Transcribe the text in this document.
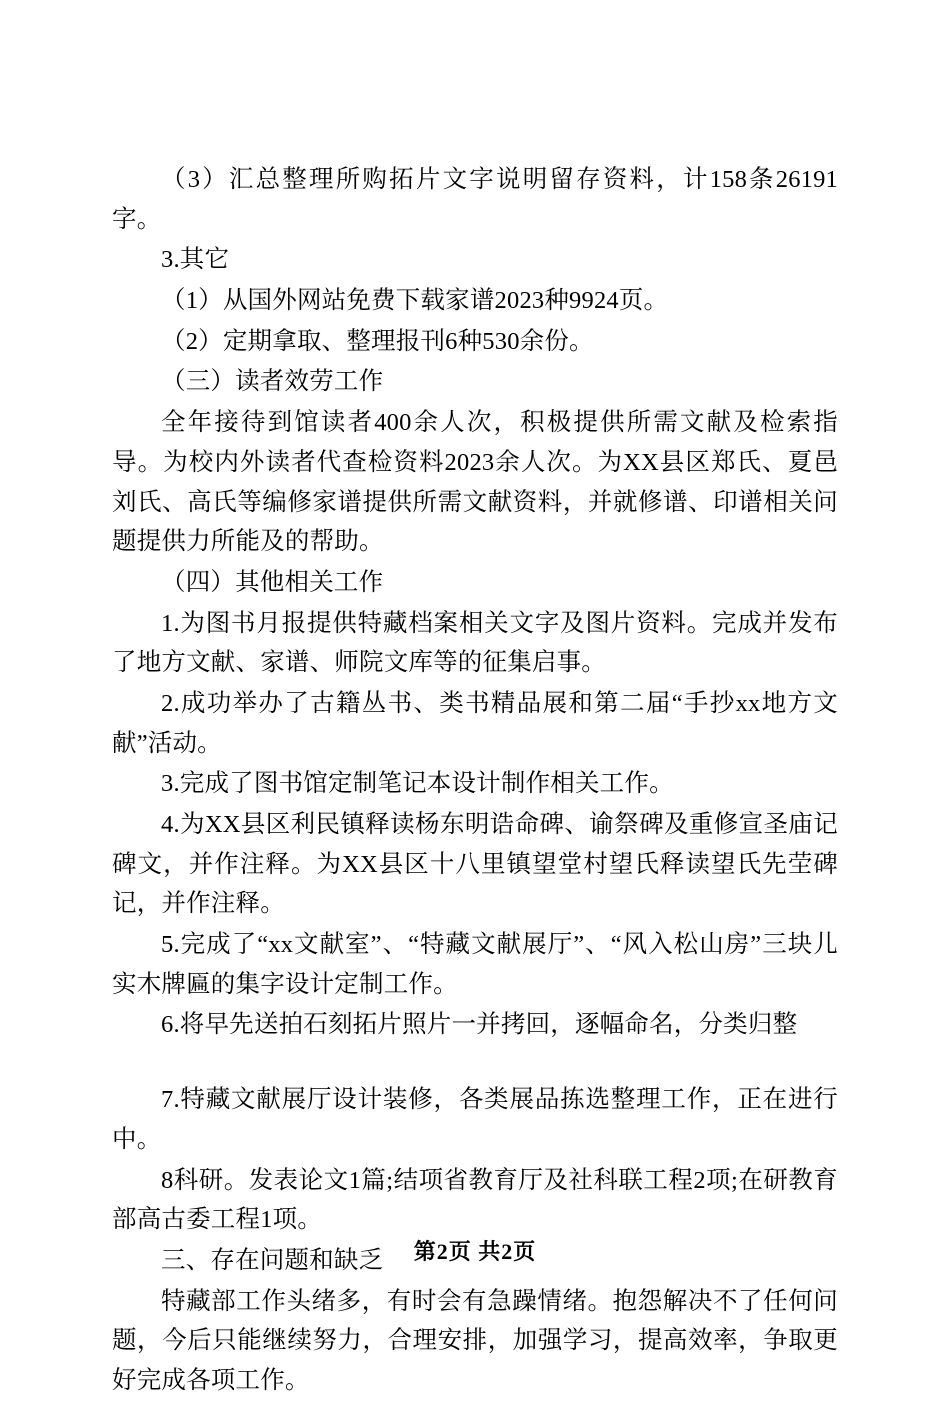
（3）汇总整理所购拓片文字说明留存资料，计158条26191字。

3.其它

（1）从国外网站免费下载家谱2023种9924页。

（2）定期拿取、整理报刊6种530余份。

（三）读者效劳工作

全年接待到馆读者400余人次，积极提供所需文献及检索指导。为校内外读者代查检资料2023余人次。为XX县区郑氏、夏邑刘氏、高氏等编修家谱提供所需文献资料，并就修谱、印谱相关问题提供力所能及的帮助。

（四）其他相关工作

1.为图书月报提供特藏档案相关文字及图片资料。完成并发布了地方文献、家谱、师院文库等的征集启事。

2.成功举办了古籍丛书、类书精品展和第二届“手抄xx地方文献”活动。

3.完成了图书馆定制笔记本设计制作相关工作。

4.为XX县区利民镇释读杨东明诰命碑、谕祭碑及重修宣圣庙记碑文，并作注释。为XX县区十八里镇望堂村望氏释读望氏先茔碑记，并作注释。

5.完成了“xx文献室”、“特藏文献展厅”、“风入松山房”三块儿实木牌匾的集字设计定制工作。

6.将早先送拍石刻拓片照片一并拷回，逐幅命名，分类归整

7.特藏文献展厅设计装修，各类展品拣选整理工作，正在进行中。

8科研。发表论文1篇;结项省教育厅及社科联工程2项;在研教育部高古委工程1项。

三、存在问题和缺乏

特藏部工作头绪多，有时会有急躁情绪。抱怨解决不了任何问题，今后只能继续努力，合理安排，加强学习，提高效率，争取更好完成各项工作。

第2页 共2页
